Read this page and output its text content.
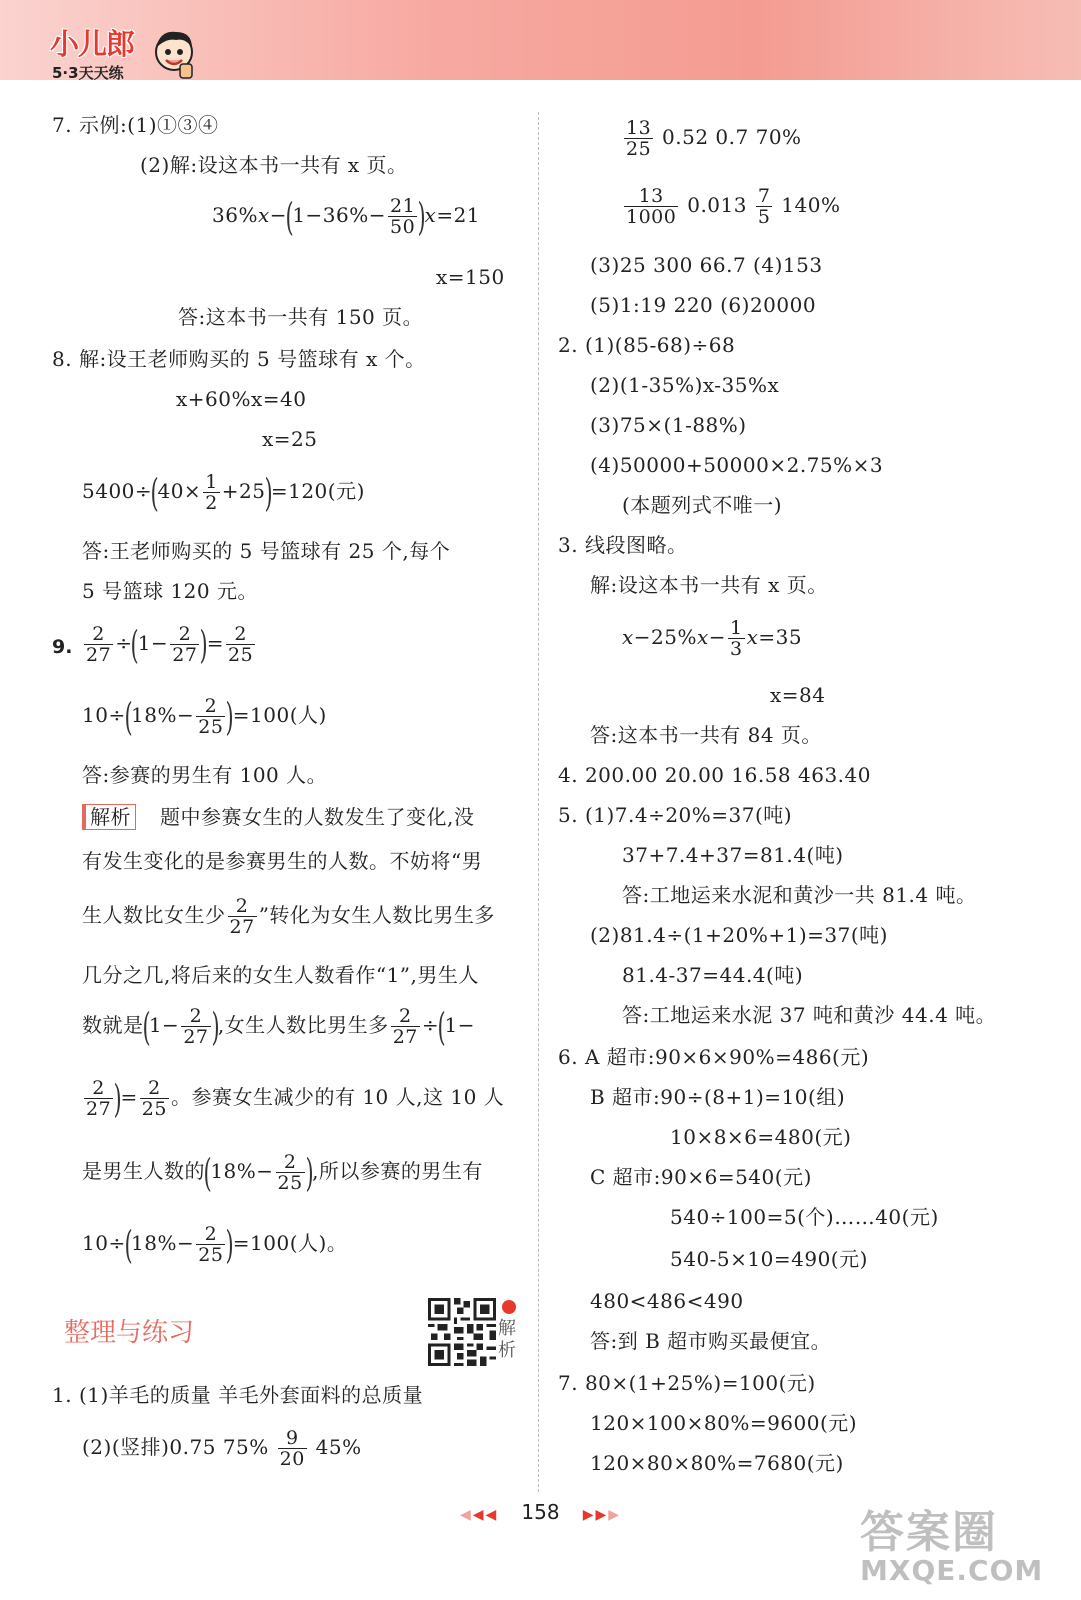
小儿郎
5·3天天练
7. 示例:(1)①③④
(2)解:设这本书一共有 x 页。
$36\%x-(1-36\%- \frac{21}{50} )x=21$
x=150
答:这本书一共有 150 页。
8. 解:设王老师购买的 5 号篮球有 x 个。
x+60%x=40
x=25
$5400\div(40\times \frac{1}{2} +25)=120$(元)
答:王老师购买的 5 号篮球有 25 个,每个
5 号篮球 120 元。
9. $\frac{2}{27} \div(1- \frac{2}{27}$ )= $\frac{2}{25}$
$10\div(18\%- \frac{2}{25} )=100$(人)
答:参赛的男生有 100 人。
解析 题中参赛女生的人数发生了变化,没
有发生变化的是参赛男生的人数。不妨将“男
生人数比女生少 $\frac{2}{27}$ ”转化为女生人数比男生多
几分之几,将后来的女生人数看作“1”,男生人
数就是($1- \frac{2}{27}$ ),女生人数比男生多 $\frac{2}{27} \div(1-$
$\frac{2}{27}$ )= $\frac{2}{25}$ 。参赛女生减少的有 10 人,这 10 人
是男生人数的($18\%- \frac{2}{25}$ ),所以参赛的男生有
$10\div(18\%- \frac{2}{25} )=100$(人)。
整理与练习	解析
1. (1)羊毛的质量 羊毛外套面料的总质量
(2)(竖排)0.75 $75\% \frac{9}{20} 45\%$
$\frac{13}{25} 0.52$ 0.7 70%
$\frac{13}{1000} 0.013 \frac{7}{5} 140\%$
(3)25 300 66.7 (4)153
(5)1:19 220 (6)20000
2. (1)(85-68)÷68
(2)(1-35%)x-35%x
(3)75×(1-88%)
(4)50000+50000×2.75%×3
(本题列式不唯一)
3. 线段图略。
解:设这本书一共有 x 页。
$x-25\%x- \frac{1}{3} x=35$
x=84
答:这本书一共有 84 页。
4. 200.00 20.00 16.58 463.40
5. (1)7.4÷20%=37(吨)
37+7.4+37=81.4(吨)
答:工地运来水泥和黄沙一共 81.4 吨。
(2)81.4÷(1+20%+1)=37(吨)
81.4-37=44.4(吨)
答:工地运来水泥 37 吨和黄沙 44.4 吨。
6. A 超市:90×6×90%=486(元)
B 超市:90÷(8+1)=10(组)
10×8×6=480(元)
C 超市:90×6=540(元)
540÷100=5(个)……40(元)
540-5×10=490(元)
480<486<490
答:到 B 超市购买最便宜。
7. 80×(1+25%)=100(元)
120×100×80%=9600(元)
120×80×80%=7680(元)
◀◀◀ 158 ▶▶▶	答案圈
MXQE.COM
